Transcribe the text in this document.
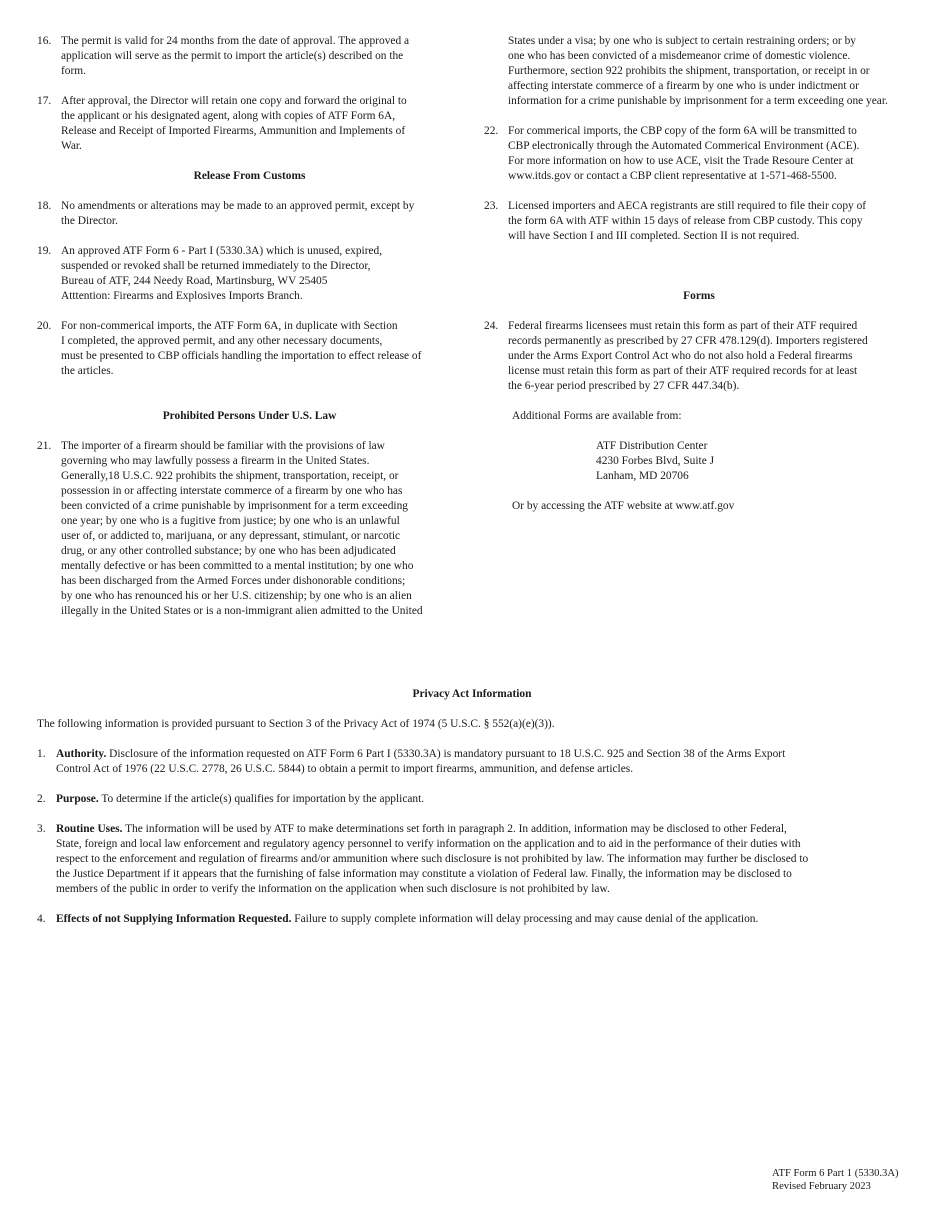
16. The permit is valid for 24 months from the date of approval. The approved a
application will serve as the permit to import the article(s) described on the
form.
17. After approval, the Director will retain one copy and forward the original to
the applicant or his designated agent, along with copies of ATF Form 6A,
Release and Receipt of Imported Firearms, Ammunition and Implements of
War.
Release From Customs
18. No amendments or alterations may be made to an approved permit, except by
the Director.
19. An approved ATF Form 6 - Part I (5330.3A) which is unused, expired,
suspended or revoked shall be returned immediately to the Director,
Bureau of ATF, 244 Needy Road, Martinsburg, WV 25405
Atttention: Firearms and Explosives Imports Branch.
20. For non-commerical imports, the ATF Form 6A, in duplicate with Section
I completed, the approved permit, and any other necessary documents,
must be presented to CBP officials handling the importation to effect release of
the articles.
Prohibited Persons Under U.S. Law
21. The importer of a firearm should be familiar with the provisions of law
governing who may lawfully possess a firearm in the United States.
Generally,18 U.S.C. 922 prohibits the shipment, transportation, receipt, or
possession in or affecting interstate commerce of a firearm by one who has
been convicted of a crime punishable by imprisonment for a term exceeding
one year; by one who is a fugitive from justice; by one who is an unlawful
user of, or addicted to, marijuana, or any depressant, stimulant, or narcotic
drug, or any other controlled substance; by one who has been adjudicated
mentally defective or has been committed to a mental institution; by one who
has been discharged from the Armed Forces under dishonorable conditions;
by one who has renounced his or her U.S. citizenship; by one who is an alien
illegally in the United States or is a non-immigrant alien admitted to the United
States under a visa; by one who is subject to certain restraining orders; or by
one who has been convicted of a misdemeanor crime of domestic violence.
Furthermore, section 922 prohibits the shipment, transportation, or receipt in or
affecting interstate commerce of a firearm by one who is under indictment or
information for a crime punishable by imprisonment for a term exceeding one year.
22. For commerical imports, the CBP copy of the form 6A will be transmitted to
CBP electronically through the Automated Commerical Environment (ACE).
For more information on how to use ACE, visit the Trade Resoure Center at
www.itds.gov or contact a CBP client representative at 1-571-468-5500.
23. Licensed importers and AECA registrants are still required to file their copy of
the form 6A with ATF within 15 days of release from CBP custody. This copy
will have Section I and III completed. Section II is not required.
Forms
24. Federal firearms licensees must retain this form as part of their ATF required
records permanently as prescribed by 27 CFR 478.129(d). Importers registered
under the Arms Export Control Act who do not also hold a Federal firearms
license must retain this form as part of their ATF required records for at least
the 6-year period prescribed by 27 CFR 447.34(b).
Additional Forms are available from:
ATF Distribution Center
4230 Forbes Blvd, Suite J
Lanham, MD 20706
Or by accessing the ATF website at www.atf.gov
Privacy Act Information
The following information is provided pursuant to Section 3 of the Privacy Act of 1974 (5 U.S.C. § 552(a)(e)(3)).
1. Authority. Disclosure of the information requested on ATF Form 6 Part I (5330.3A) is mandatory pursuant to 18 U.S.C. 925 and Section 38 of the Arms Export
Control Act of 1976 (22 U.S.C. 2778, 26 U.S.C. 5844) to obtain a permit to import firearms, ammunition, and defense articles.
2. Purpose. To determine if the article(s) qualifies for importation by the applicant.
3. Routine Uses. The information will be used by ATF to make determinations set forth in paragraph 2. In addition, information may be disclosed to other Federal,
State, foreign and local law enforcement and regulatory agency personnel to verify information on the application and to aid in the performance of their duties with
respect to the enforcement and regulation of firearms and/or ammunition where such disclosure is not prohibited by law. The information may further be disclosed to
the Justice Department if it appears that the furnishing of false information may constitute a violation of Federal law. Finally, the information may be disclosed to
members of the public in order to verify the information on the application when such disclosure is not prohibited by law.
4. Effects of not Supplying Information Requested. Failure to supply complete information will delay processing and may cause denial of the application.
ATF Form 6 Part 1 (5330.3A)
Revised February 2023
